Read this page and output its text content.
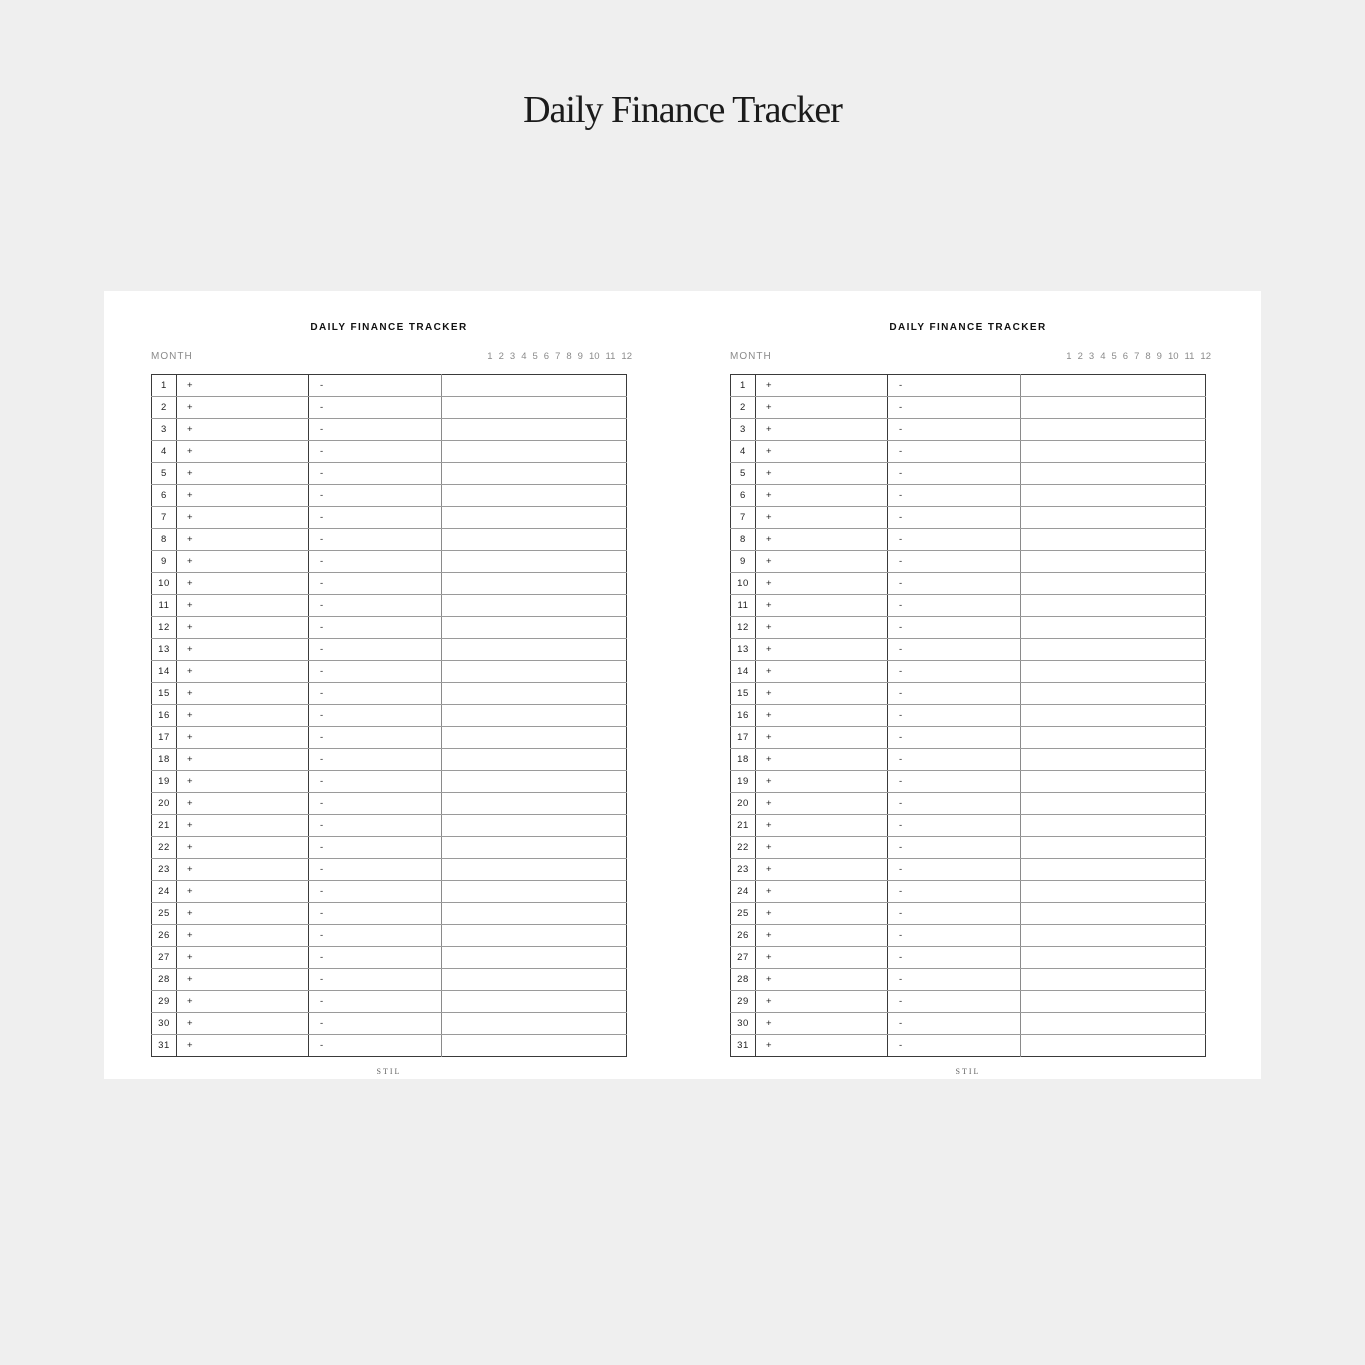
Daily Finance Tracker
DAILY FINANCE TRACKER
MONTH	1 2 3 4 5 6 7 8 9 10 11 12
1	+	-	
2	+	-	
3	+	-	
4	+	-	
5	+	-	
6	+	-	
7	+	-	
8	+	-	
9	+	-	
10	+	-	
11	+	-	
12	+	-	
13	+	-	
14	+	-	
15	+	-	
16	+	-	
17	+	-	
18	+	-	
19	+	-	
20	+	-	
21	+	-	
22	+	-	
23	+	-	
24	+	-	
25	+	-	
26	+	-	
27	+	-	
28	+	-	
29	+	-	
30	+	-	
31	+	-	
STIL
DAILY FINANCE TRACKER
MONTH	1 2 3 4 5 6 7 8 9 10 11 12
1	+	-	
2	+	-	
3	+	-	
4	+	-	
5	+	-	
6	+	-	
7	+	-	
8	+	-	
9	+	-	
10	+	-	
11	+	-	
12	+	-	
13	+	-	
14	+	-	
15	+	-	
16	+	-	
17	+	-	
18	+	-	
19	+	-	
20	+	-	
21	+	-	
22	+	-	
23	+	-	
24	+	-	
25	+	-	
26	+	-	
27	+	-	
28	+	-	
29	+	-	
30	+	-	
31	+	-	
STIL
